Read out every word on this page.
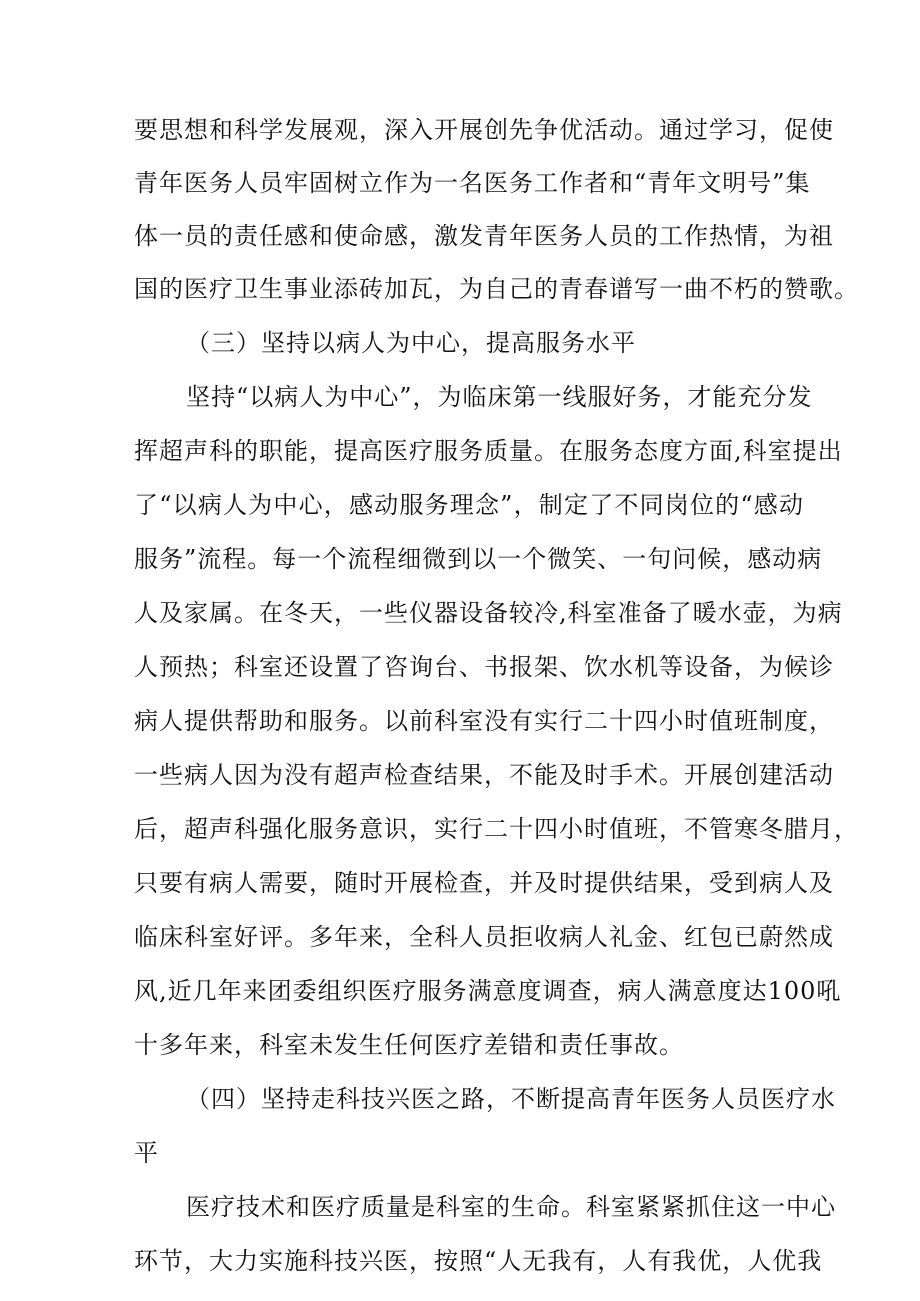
要思想和科学发展观，深入开展创先争优活动。通过学习，促使
青年医务人员牢固树立作为一名医务工作者和“青年文明号”集
体一员的责任感和使命感，激发青年医务人员的工作热情，为祖
国的医疗卫生事业添砖加瓦，为自己的青春谱写一曲不朽的赞歌。
（三）坚持以病人为中心，提高服务水平
坚持“以病人为中心”，为临床第一线服好务，才能充分发
挥超声科的职能，提高医疗服务质量。在服务态度方面,科室提出
了“以病人为中心，感动服务理念”，制定了不同岗位的“感动
服务”流程。每一个流程细微到以一个微笑、一句问候，感动病
人及家属。在冬天，一些仪器设备较冷,科室准备了暖水壶，为病
人预热；科室还设置了咨询台、书报架、饮水机等设备，为候诊
病人提供帮助和服务。以前科室没有实行二十四小时值班制度，
一些病人因为没有超声检查结果，不能及时手术。开展创建活动
后，超声科强化服务意识，实行二十四小时值班，不管寒冬腊月，
只要有病人需要，随时开展检查，并及时提供结果，受到病人及
临床科室好评。多年来，全科人员拒收病人礼金、红包已蔚然成
风,近几年来团委组织医疗服务满意度调查，病人满意度达100吼
十多年来，科室未发生任何医疗差错和责任事故。
（四）坚持走科技兴医之路，不断提高青年医务人员医疗水
平
医疗技术和医疗质量是科室的生命。科室紧紧抓住这一中心
环节，大力实施科技兴医，按照“人无我有，人有我优，人优我
